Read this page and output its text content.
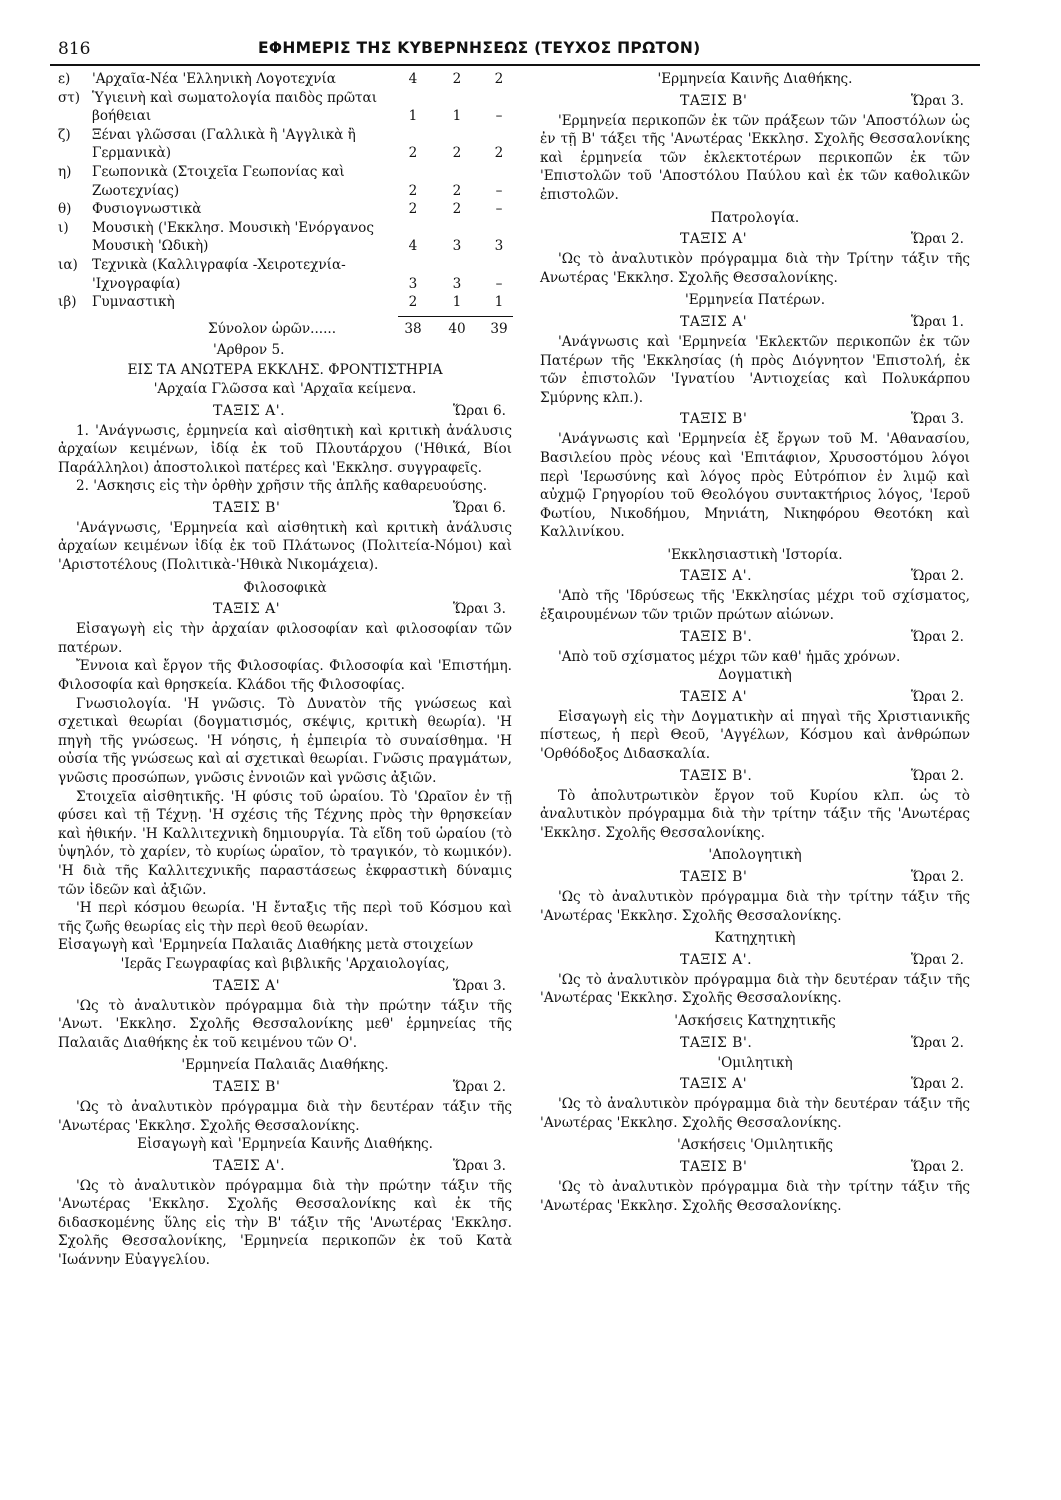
816	ΕΦΗΜΕΡΙΣ ΤΗΣ ΚΥΒΕΡΝΗΣΕΩΣ (ΤΕΥΧΟΣ ΠΡΩΤΟΝ)
ε)	'Αρχαῖα-Νέα 'Ελληνικὴ Λογοτεχνία	4	2	2
στ) Ὑγιεινὴ καὶ σωματολογία παιδὸς πρῶται βοήθειαι	1	1	–
ζ)	Ξέναι γλῶσσαι (Γαλλικὰ ἢ 'Αγγλικὰ ἢ Γερμανικὰ)	2	2	2
η)	Γεωπονικὰ (Στοιχεῖα Γεωπονίας καὶ Ζωοτεχνίας)	2	2	–
θ)	Φυσιογνωστικὰ	2	2	–
ι)	Μουσικὴ ('Εκκλησ. Μουσικὴ 'Ενόργανος Μουσικὴ 'Ωδικὴ)	4	3	3
ια)	Τεχνικὰ (Καλλιγραφία -Χειροτεχνία-'Ιχνογραφία)	3	3	–
ιβ)	Γυμναστικὴ	2	1	1
Σύνολον ὡρῶν......	38	40	39
'Αρθρον 5.
ΕΙΣ ΤΑ ΑΝΩΤΕΡΑ ΕΚΚΛΗΣ. ΦΡΟΝΤΙΣΤΗΡΙΑ
'Αρχαία Γλῶσσα καὶ 'Αρχαῖα κείμενα.
ΤΑΞΙΣ Α'.	Ὥραι 6.
1. 'Ανάγνωσις, ἑρμηνεία καὶ αἰσθητικὴ καὶ κριτικὴ ἀνάλυσις ἀρχαίων κειμένων, ἰδίᾳ ἐκ τοῦ Πλουτάρχου ('Ηθικά, Βίοι Παράλληλοι) ἀποστολικοὶ πατέρες καὶ 'Εκκλησ. συγγραφεῖς.
2. 'Ασκησις εἰς τὴν ὀρθὴν χρῆσιν τῆς ἁπλῆς καθαρευούσης.
ΤΑΞΙΣ Β'	Ὥραι 6.
'Ανάγνωσις, 'Ερμηνεία καὶ αἰσθητικὴ καὶ κριτικὴ ἀνάλυσις ἀρχαίων κειμένων ἰδίᾳ ἐκ τοῦ Πλάτωνος (Πολιτεία-Νόμοι) καὶ 'Αριστοτέλους (Πολιτικὰ-'Ηθικὰ Νικομάχεια).
Φιλοσοφικὰ
ΤΑΞΙΣ Α'	Ὥραι 3.
Εἰσαγωγὴ εἰς τὴν ἀρχαίαν φιλοσοφίαν καὶ φιλοσοφίαν τῶν πατέρων.
Ἔννοια καὶ ἔργον τῆς Φιλοσοφίας. Φιλοσοφία καὶ 'Επιστήμη. Φιλοσοφία καὶ θρησκεία. Κλάδοι τῆς Φιλοσοφίας.
Γνωσιολογία. 'Η γνῶσις. Τὸ Δυνατὸν τῆς γνώσεως καὶ σχετικαὶ θεωρίαι (δογματισμός, σκέψις, κριτικὴ θεωρία). 'Η πηγὴ τῆς γνώσεως. 'Η νόησις, ἡ ἐμπειρία τὸ συναίσθημα. 'Η οὐσία τῆς γνώσεως καὶ αἱ σχετικαὶ θεωρίαι. Γνῶσις πραγμάτων, γνῶσις προσώπων, γνῶσις ἐννοιῶν καὶ γνῶσις ἀξιῶν.
Στοιχεῖα αἰσθητικῆς. 'Η φύσις τοῦ ὡραίου. Τὸ 'Ωραῖον ἐν τῇ φύσει καὶ τῇ Τέχνῃ. 'Η σχέσις τῆς Τέχνης πρὸς τὴν θρησκείαν καὶ ἠθικήν. 'Η Καλλιτεχνικὴ δημιουργία. Τὰ εἴδη τοῦ ὡραίου (τὸ ὑψηλόν, τὸ χαρίεν, τὸ κυρίως ὡραῖον, τὸ τραγικόν, τὸ κωμικόν). 'Η διὰ τῆς Καλλιτεχνικῆς παραστάσεως ἐκφραστικὴ δύναμις τῶν ἰδεῶν καὶ ἀξιῶν.
'Η περὶ κόσμου θεωρία. 'Η ἔνταξις τῆς περὶ τοῦ Κόσμου καὶ τῆς ζωῆς θεωρίας εἰς τὴν περὶ θεοῦ θεωρίαν.
Εἰσαγωγὴ καὶ 'Ερμηνεία Παλαιᾶς Διαθήκης μετὰ στοιχείων
'Ιερᾶς Γεωγραφίας καὶ βιβλικῆς 'Αρχαιολογίας,
ΤΑΞΙΣ Α'	Ὥραι 3.
'Ως τὸ ἀναλυτικὸν πρόγραμμα διὰ τὴν πρώτην τάξιν τῆς 'Ανωτ. 'Εκκλησ. Σχολῆς Θεσσαλονίκης μεθ' ἑρμηνείας τῆς Παλαιᾶς Διαθήκης ἐκ τοῦ κειμένου τῶν Ο'.
'Ερμηνεία Παλαιᾶς Διαθήκης.
ΤΑΞΙΣ Β'	Ὥραι 2.
'Ως τὸ ἀναλυτικὸν πρόγραμμα διὰ τὴν δευτέραν τάξιν τῆς 'Ανωτέρας 'Εκκλησ. Σχολῆς Θεσσαλονίκης.
Εἰσαγωγὴ καὶ 'Ερμηνεία Καινῆς Διαθήκης.
ΤΑΞΙΣ Α'.	Ὥραι 3.
'Ως τὸ ἀναλυτικὸν πρόγραμμα διὰ τὴν πρώτην τάξιν τῆς 'Ανωτέρας 'Εκκλησ. Σχολῆς Θεσσαλονίκης καὶ ἐκ τῆς διδασκομένης ὕλης εἰς τὴν Β' τάξιν τῆς 'Ανωτέρας 'Εκκλησ. Σχολῆς Θεσσαλονίκης, 'Ερμηνεία περικοπῶν ἐκ τοῦ Κατὰ 'Ιωάννην Εὐαγγελίου.
'Ερμηνεία Καινῆς Διαθήκης.
ΤΑΞΙΣ Β'	Ὥραι 3.
'Ερμηνεία περικοπῶν ἐκ τῶν πράξεων τῶν 'Αποστόλων ὡς ἐν τῇ Β' τάξει τῆς 'Ανωτέρας 'Εκκλησ. Σχολῆς Θεσσαλονίκης καὶ ἑρμηνεία τῶν ἐκλεκτοτέρων περικοπῶν ἐκ τῶν 'Επιστολῶν τοῦ 'Αποστόλου Παύλου καὶ ἐκ τῶν καθολικῶν ἐπιστολῶν.
Πατρολογία.
ΤΑΞΙΣ Α'	Ὥραι 2.
'Ως τὸ ἀναλυτικὸν πρόγραμμα διὰ τὴν Τρίτην τάξιν τῆς Ανωτέρας 'Εκκλησ. Σχολῆς Θεσσαλονίκης.
'Ερμηνεία Πατέρων.
ΤΑΞΙΣ Α'	Ὥραι 1.
'Ανάγνωσις καὶ 'Ερμηνεία 'Εκλεκτῶν περικοπῶν ἐκ τῶν Πατέρων τῆς 'Εκκλησίας (ἡ πρὸς Διόγνητον 'Επιστολή, ἐκ τῶν ἐπιστολῶν 'Ιγνατίου 'Αντιοχείας καὶ Πολυκάρπου Σμύρνης κλπ.).
ΤΑΞΙΣ Β'	Ὥραι 3.
'Ανάγνωσις καὶ 'Ερμηνεία ἐξ ἔργων τοῦ Μ. 'Αθανασίου, Βασιλείου πρὸς νέους καὶ 'Επιτάφιον, Χρυσοστόμου λόγοι περὶ 'Ιερωσύνης καὶ λόγος πρὸς Εὐτρόπιον ἐν λιμῷ καὶ αὐχμῷ Γρηγορίου τοῦ Θεολόγου συντακτήριος λόγος, 'Ιεροῦ Φωτίου, Νικοδήμου, Μηνιάτη, Νικηφόρου Θεοτόκη καὶ Καλλινίκου.
'Εκκλησιαστικὴ 'Ιστορία.
ΤΑΞΙΣ Α'.	Ὥραι 2.
'Απὸ τῆς 'Ιδρύσεως τῆς 'Εκκλησίας μέχρι τοῦ σχίσματος, ἐξαιρουμένων τῶν τριῶν πρώτων αἰώνων.
ΤΑΞΙΣ Β'.	Ὥραι 2.
'Απὸ τοῦ σχίσματος μέχρι τῶν καθ' ἡμᾶς χρόνων.
Δογματικὴ
ΤΑΞΙΣ Α'	Ὥραι 2.
Εἰσαγωγὴ εἰς τὴν Δογματικὴν αἱ πηγαὶ τῆς Χριστιανικῆς πίστεως, ἡ περὶ Θεοῦ, 'Αγγέλων, Κόσμου καὶ ἀνθρώπων 'Ορθόδοξος Διδασκαλία.
ΤΑΞΙΣ Β'.	Ὥραι 2.
Τὸ ἀπολυτρωτικὸν ἔργον τοῦ Κυρίου κλπ. ὡς τὸ ἀναλυτικὸν πρόγραμμα διὰ τὴν τρίτην τάξιν τῆς 'Ανωτέρας 'Εκκλησ. Σχολῆς Θεσσαλονίκης.
'Απολογητικὴ
ΤΑΞΙΣ Β'	Ὥραι 2.
'Ως τὸ ἀναλυτικὸν πρόγραμμα διὰ τὴν τρίτην τάξιν τῆς 'Ανωτέρας 'Εκκλησ. Σχολῆς Θεσσαλονίκης.
Κατηχητικὴ
ΤΑΞΙΣ Α'.	Ὥραι 2.
'Ως τὸ ἀναλυτικὸν πρόγραμμα διὰ τὴν δευτέραν τάξιν τῆς 'Ανωτέρας 'Εκκλησ. Σχολῆς Θεσσαλονίκης.
'Ασκήσεις Κατηχητικῆς
ΤΑΞΙΣ Β'.	Ὥραι 2.
'Ομιλητικὴ
ΤΑΞΙΣ Α'	Ὥραι 2.
'Ως τὸ ἀναλυτικὸν πρόγραμμα διὰ τὴν δευτέραν τάξιν τῆς 'Ανωτέρας 'Εκκλησ. Σχολῆς Θεσσαλονίκης.
'Ασκήσεις 'Ομιλητικῆς
ΤΑΞΙΣ Β'	Ὥραι 2.
'Ως τὸ ἀναλυτικὸν πρόγραμμα διὰ τὴν τρίτην τάξιν τῆς 'Ανωτέρας 'Εκκλησ. Σχολῆς Θεσσαλονίκης.
